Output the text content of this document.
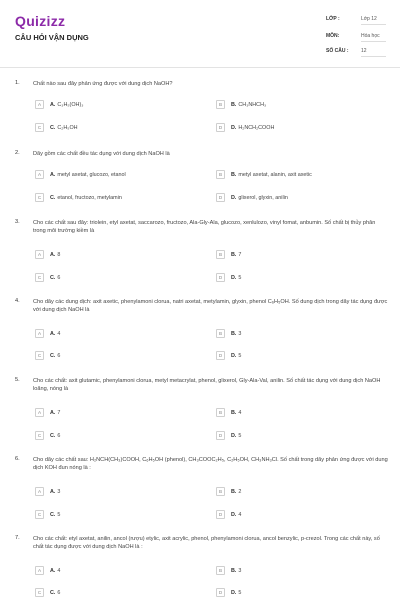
Quizizz
CÂU HỎI VẬN DỤNG
LỚP :	Lớp 12
MÔN:	Hóa học
SỐ CÂU :	12
1. Chất nào sau đây phản ứng được với dung dịch NaOH?
A	A. C₃H₅(OH)₃	B	B. CH₃NHCH₃
C	C. C₂H₅OH	D	D. H₂NCH₂COOH
2. Dãy gồm các chất đều tác dụng với dung dịch NaOH là
A	A. metyl axetat, glucozo, etanol	B	B. metyl axetat, alanin, axit axetic
C	C. etanol, fructozo, metylamin	D	D. glixerol, glyxin, anilin
3. Cho các chất sau đây: triolein, etyl axetat, saccarozo, fructozo, Ala-Gly-Ala, glucozo, xenlulozo, vinyl fomat, anbumin. Số chất bị thủy phân trong môi trường kiềm là
A	A. 8	B	B. 7
C	C. 6	D	D. 5
4. Cho dãy các dung dịch: axit axetic, phenylamoni clorua, natri axetat, metylamin, glyxin, phenol C₆H₅OH. Số dung dịch trong dãy tác dụng được với dung dịch NaOH là
A	A. 4	B	B. 3
C	C. 6	D	D. 5
5. Cho các chất: axit glutamic, phenylamoni clorua, metyl metacrylat, phenol, glixerol, Gly-Ala-Val, anilin. Số chất tác dụng với dung dịch NaOH loãng, nóng là
A	A. 7	B	B. 4
C	C. 6	D	D. 5
6. Cho dãy các chất sau: H₂NCH(CH₃)COOH, C₆H₅OH (phenol), CH₃COOC₂H₅, C₂H₅OH, CH₃NH₃Cl. Số chất trong dãy phản ứng được với dung dịch KOH đun nóng là :
A	A. 3	B	B. 2
C	C. 5	D	D. 4
7. Cho các chất: etyl axetat, anilin, ancol (rượu) etylic, axit acrylic, phenol, phenylamoni clorua, ancol benzylic, p-crezol. Trong các chất này, số chất tác dụng được với dung dịch NaOH là :
A	A. 4	B	B. 3
C	C. 6	D	D. 5
